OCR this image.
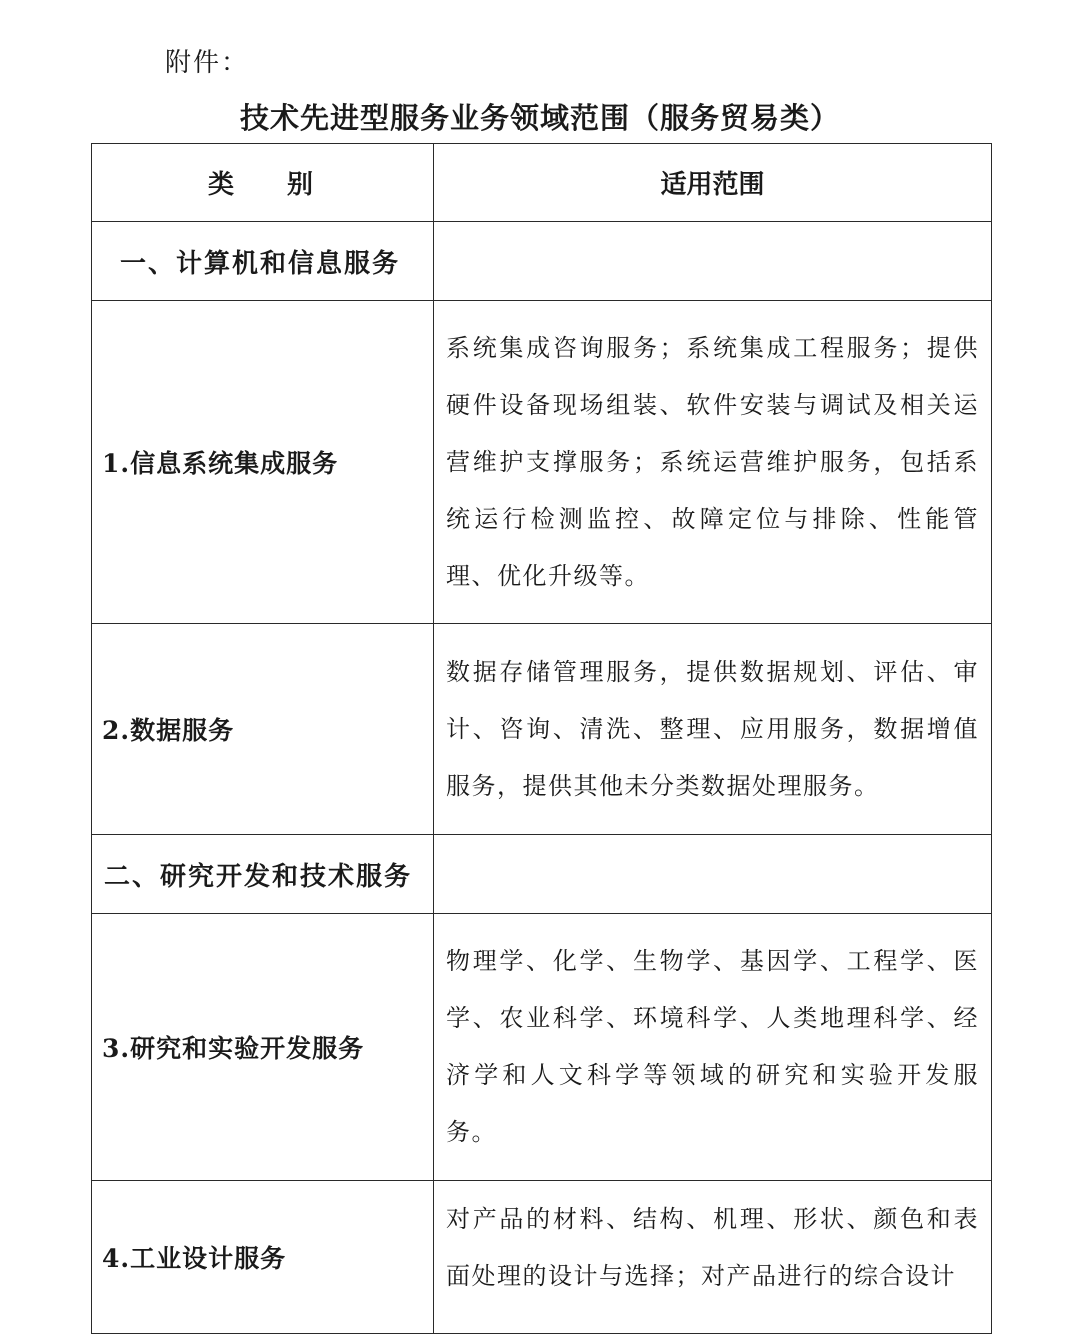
附件：
技术先进型服务业务领域范围（服务贸易类）
类 别	适用范围
一、计算机和信息服务	
1.信息系统集成服务	系统集成咨询服务；系统集成工程服务；提供硬件设备现场组装、软件安装与调试及相关运营维护支撑服务；系统运营维护服务，包括系统运行检测监控、故障定位与排除、性能管理、优化升级等。
2.数据服务	数据存储管理服务，提供数据规划、评估、审计、咨询、清洗、整理、应用服务，数据增值服务，提供其他未分类数据处理服务。
二、研究开发和技术服务	
3.研究和实验开发服务	物理学、化学、生物学、基因学、工程学、医学、农业科学、环境科学、人类地理科学、经济学和人文科学等领域的研究和实验开发服务。
4.工业设计服务	对产品的材料、结构、机理、形状、颜色和表面处理的设计与选择；对产品进行的综合设计
